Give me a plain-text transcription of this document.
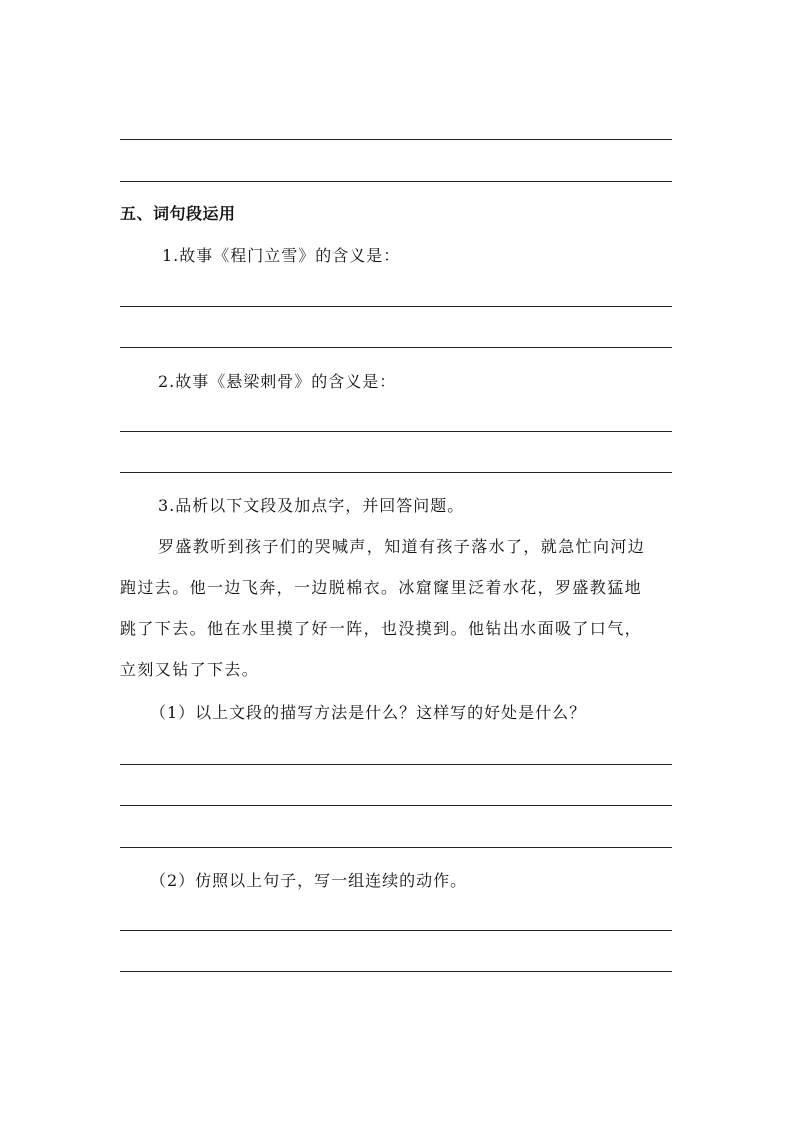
五、词句段运用
1.故事《程门立雪》的含义是：
2.故事《悬梁刺骨》的含义是：
3.品析以下文段及加点字，并回答问题。
罗盛教听到孩子们的哭喊声，知道有孩子落水了，就急忙向河边
跑过去。他一边飞奔，一边脱棉衣。冰窟窿里泛着水花，罗盛教猛地
跳了下去。他在水里摸了好一阵，也没摸到。他钻出水面吸了口气，
立刻又钻了下去。
（1）以上文段的描写方法是什么？这样写的好处是什么？
（2）仿照以上句子，写一组连续的动作。
